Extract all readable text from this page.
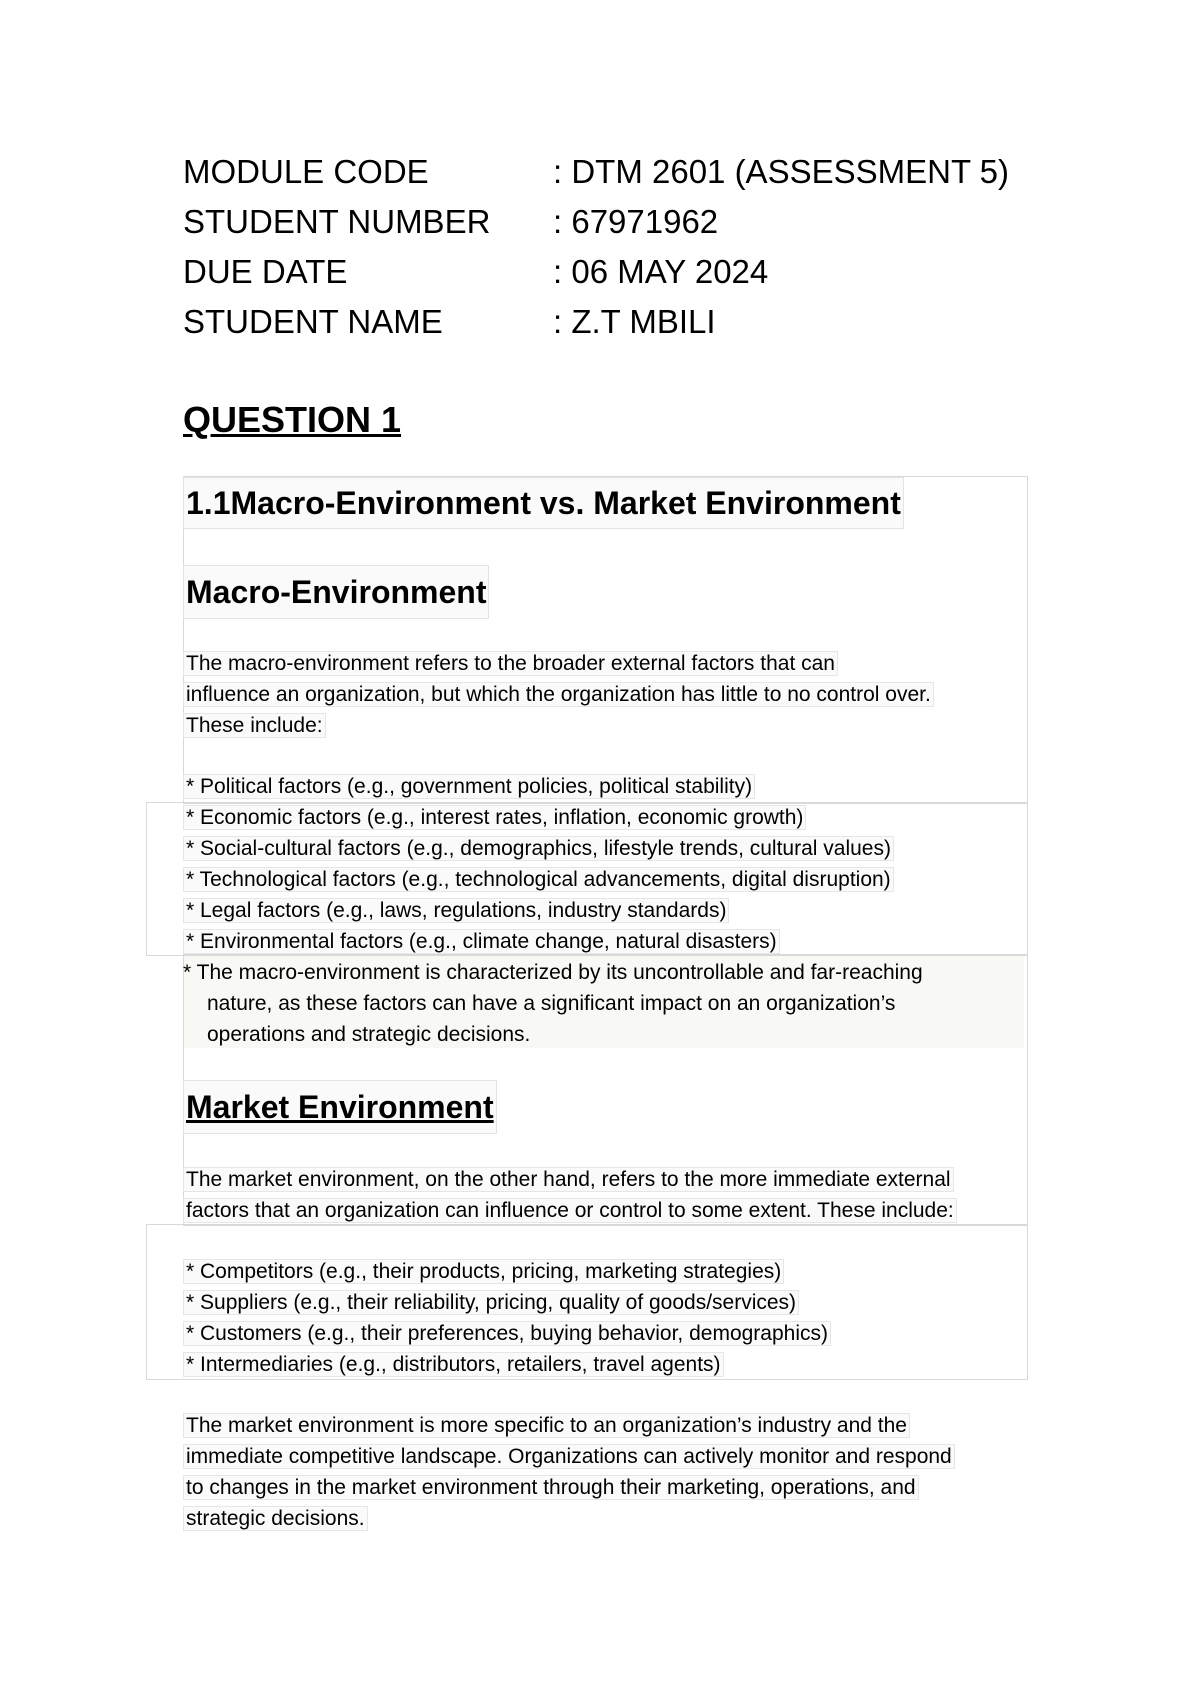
MODULE CODE	: DTM 2601 (ASSESSMENT 5)
STUDENT NUMBER : 67971962
DUE DATE	: 06 MAY 2024
STUDENT NAME	: Z.T MBILI
QUESTION 1
1.1Macro-Environment vs. Market Environment
Macro-Environment
The macro-environment refers to the broader external factors that can
influence an organization, but which the organization has little to no control over.
These include:
* Political factors (e.g., government policies, political stability)
* Economic factors (e.g., interest rates, inflation, economic growth)
* Social-cultural factors (e.g., demographics, lifestyle trends, cultural values)
* Technological factors (e.g., technological advancements, digital disruption)
* Legal factors (e.g., laws, regulations, industry standards)
* Environmental factors (e.g., climate change, natural disasters)
* The macro-environment is characterized by its uncontrollable and far-reaching
nature, as these factors can have a significant impact on an organization’s
operations and strategic decisions.
Market Environment
The market environment, on the other hand, refers to the more immediate external
factors that an organization can influence or control to some extent. These include:
* Competitors (e.g., their products, pricing, marketing strategies)
* Suppliers (e.g., their reliability, pricing, quality of goods/services)
* Customers (e.g., their preferences, buying behavior, demographics)
* Intermediaries (e.g., distributors, retailers, travel agents)
The market environment is more specific to an organization’s industry and the
immediate competitive landscape. Organizations can actively monitor and respond
to changes in the market environment through their marketing, operations, and
strategic decisions.
